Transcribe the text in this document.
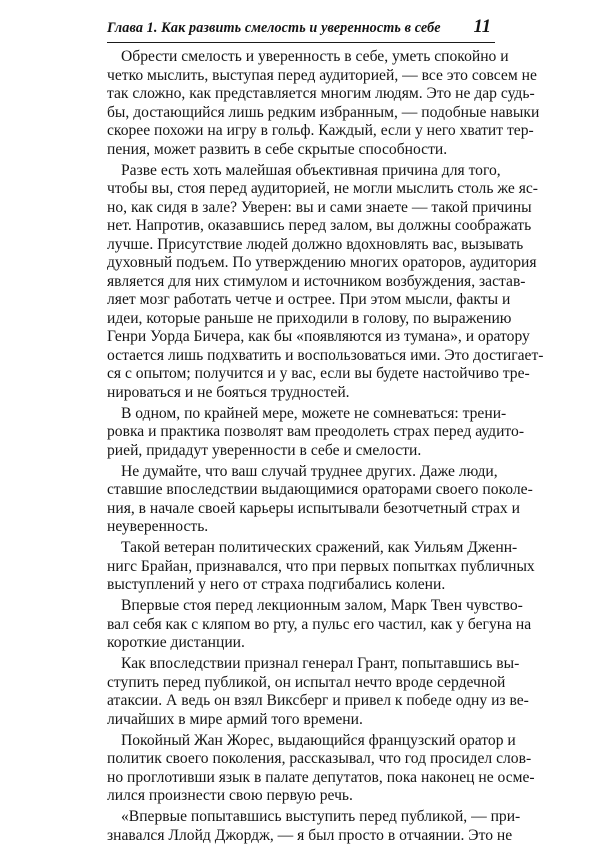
Глава 1. Как развить смелость и уверенность в себе 11
Обрести смелость и уверенность в себе, уметь спокойно и
четко мыслить, выступая перед аудиторией, — все это совсем не
так сложно, как представляется многим людям. Это не дар судь-
бы, достающийся лишь редким избранным, — подобные навыки
скорее похожи на игру в гольф. Каждый, если у него хватит тер-
пения, может развить в себе скрытые способности.
Разве есть хоть малейшая объективная причина для того,
чтобы вы, стоя перед аудиторией, не могли мыслить столь же яс-
но, как сидя в зале? Уверен: вы и сами знаете — такой причины
нет. Напротив, оказавшись перед залом, вы должны соображать
лучше. Присутствие людей должно вдохновлять вас, вызывать
духовный подъем. По утверждению многих ораторов, аудитория
является для них стимулом и источником возбуждения, застав-
ляет мозг работать четче и острее. При этом мысли, факты и
идеи, которые раньше не приходили в голову, по выражению
Генри Уорда Бичера, как бы «появляются из тумана», и оратору
остается лишь подхватить и воспользоваться ими. Это достигает-
ся с опытом; получится и у вас, если вы будете настойчиво тре-
нироваться и не бояться трудностей.
В одном, по крайней мере, можете не сомневаться: трени-
ровка и практика позволят вам преодолеть страх перед аудито-
рией, придадут уверенности в себе и смелости.
Не думайте, что ваш случай труднее других. Даже люди,
ставшие впоследствии выдающимися ораторами своего поколе-
ния, в начале своей карьеры испытывали безотчетный страх и
неуверенность.
Такой ветеран политических сражений, как Уильям Дженн-
нигс Брайан, признавался, что при первых попытках публичных
выступлений у него от страха подгибались колени.
Впервые стоя перед лекционным залом, Марк Твен чувство-
вал себя как с кляпом во рту, а пульс его частил, как у бегуна на
короткие дистанции.
Как впоследствии признал генерал Грант, попытавшись вы-
ступить перед публикой, он испытал нечто вроде сердечной
атаксии. А ведь он взял Виксберг и привел к победе одну из ве-
личайших в мире армий того времени.
Покойный Жан Жорес, выдающийся французский оратор и
политик своего поколения, рассказывал, что год просидел слов-
но проглотивши язык в палате депутатов, пока наконец не осме-
лился произнести свою первую речь.
«Впервые попытавшись выступить перед публикой, — при-
знавался Ллойд Джордж, — я был просто в отчаянии. Это не
